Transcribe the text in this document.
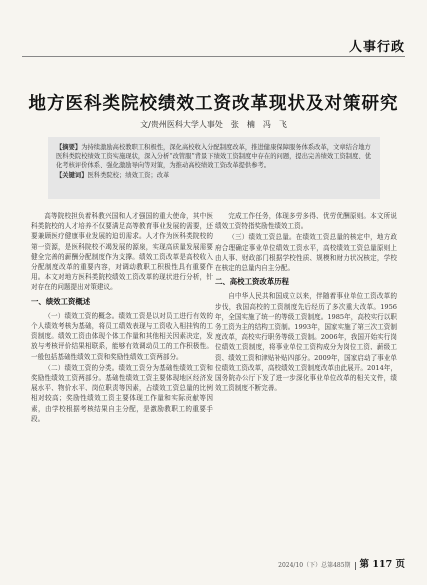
人事行政
地方医科类院校绩效工资改革现状及对策研究
文/贵州医科大学人事处　张　楠　冯　飞
【摘要】为持续激励高校教职工积极性，深化高校收入分配制度改革，推进健康保障服务体系改革，文章结合地方医科类院校绩效工资实施现状，深入分析“改管服”背景下绩效工资制度中存在的问题，提出完善绩效工资制度、优化考核评价体系、强化激励导向等对策，为推动高校绩效工资改革提供参考。
【关键词】医科类院校；绩效工资；改革

高等院校担负着科教兴国和人才强国的重大使命，其中医科类院校的人才培养不仅要满足高等教育事业发展的需要，还要兼顾医疗健康事业发展的迫切需求。人才作为医科类院校的第一资源，是医科院校不竭发展的源泉，实现高质量发展需要健全完善的薪酬分配制度作为支撑。绩效工资改革是高校收入分配制度改革的重要内容，对调动教职工积极性具有重要作用。本文对地方医科类院校绩效工资改革的现状进行分析，针对存在的问题提出对策建议。

一、绩效工资概述

（一）绩效工资的概念。绩效工资是以对员工进行有效的个人绩效考核为基础，将员工绩效表现与工资收入相挂钩的工资制度。绩效工资由体现个体工作量和其他相关因素决定，发放与考核评价结果相联系，能够有效调动员工的工作积极性。一般包括基础性绩效工资和奖励性绩效工资两部分。

（二）绩效工资的分类。绩效工资分为基础性绩效工资和奖励性绩效工资两部分。基础性绩效工资主要体现地区经济发展水平、物价水平、岗位职责等因素，占绩效工资总量的比例相对较高；奖励性绩效工资主要体现工作量和实际贡献等因素，由学校根据考核结果自主分配，是激励教职工的重要手段。

完成工作任务，体现多劳多得、优劳优酬原则。本文所说绩效工资特指奖励性绩效工资。

（三）绩效工资总量。在绩效工资总量的核定中，地方政府合理确定事业单位绩效工资水平，高校绩效工资总量原则上由人事、财政部门根据学校性质、规模和财力状况核定，学校在核定的总量内自主分配。

二、高校工资改革历程

自中华人民共和国成立以来，伴随着事业单位工资改革的步伐，我国高校的工资制度先后经历了多次重大改革。1956年，全国实施了统一的等级工资制度。1985年，高校实行以职务工资为主的结构工资制。1993年，国家实施了第三次工资制度改革，高校实行职务等级工资制。2006年，我国开始实行岗位绩效工资制度，将事业单位工资构成分为岗位工资、薪级工资、绩效工资和津贴补贴四部分。2009年，国家启动了事业单位绩效工资改革，高校绩效工资制度改革由此展开。2014年，国务院办公厅下发了进一步深化事业单位改革的相关文件，绩效工资制度不断完善。

2024/10（下）总第485期 第 117 页
